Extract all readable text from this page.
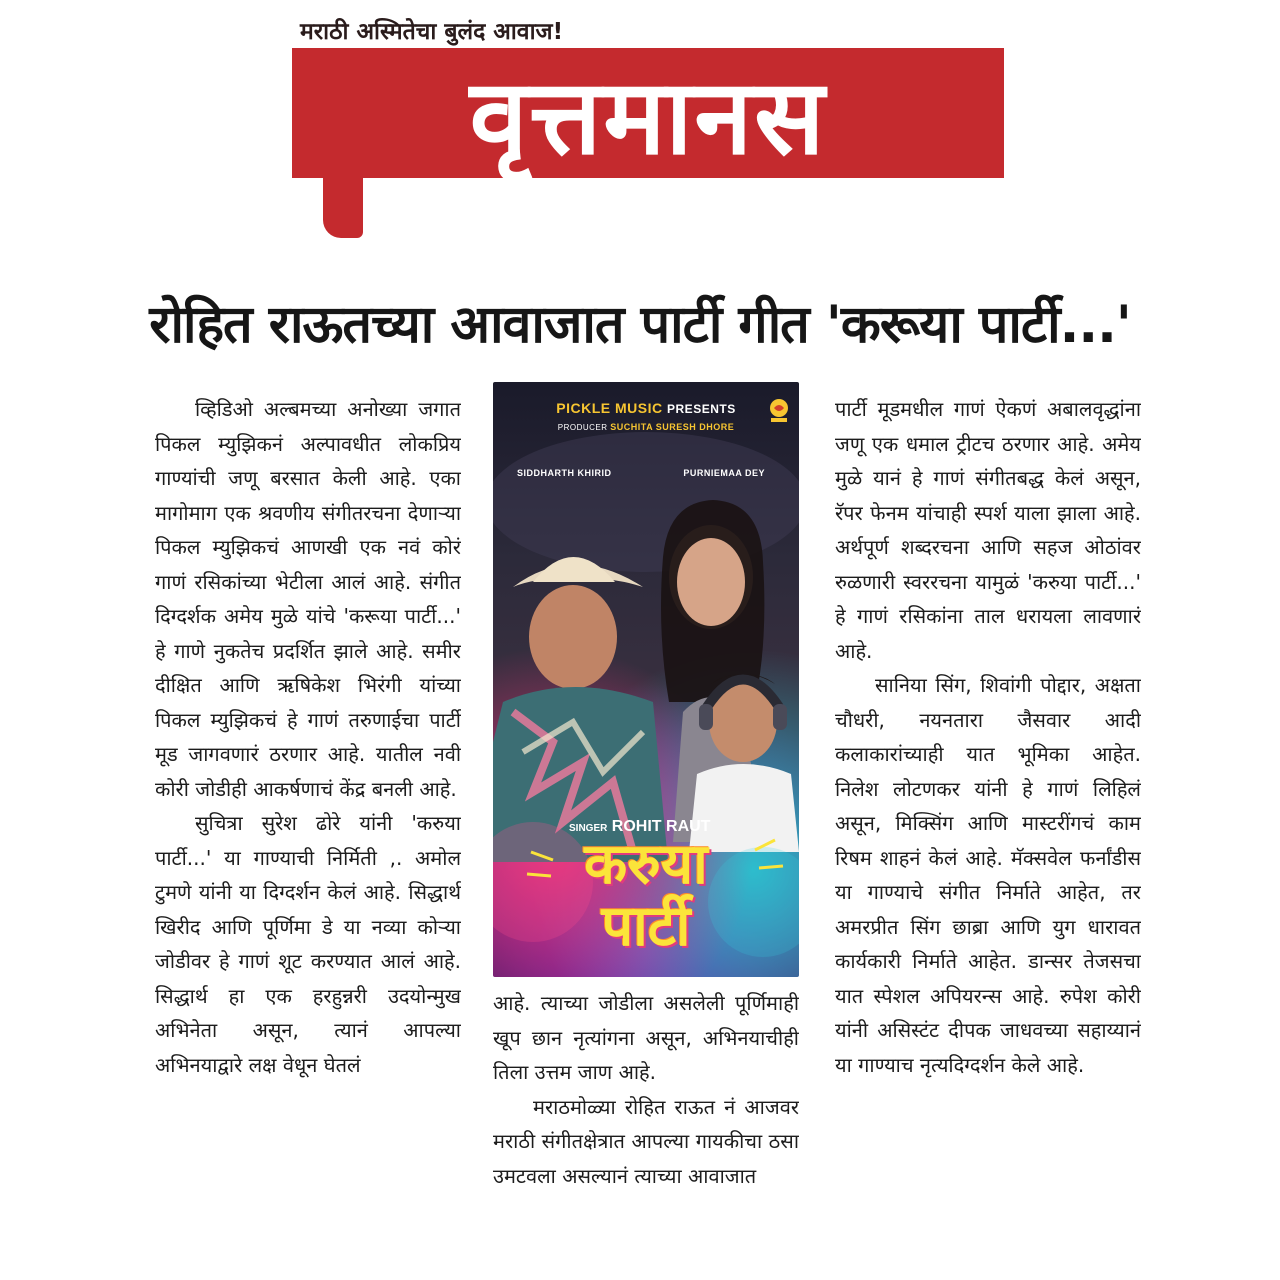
मराठी अस्मितेचा बुलंद आवाज!
वृत्तमानस
रोहित राऊतच्या आवाजात पार्टी गीत 'करूया पार्टी...'

व्हिडिओ अल्बमच्या अनोख्या जगात पिकल म्युझिकनं अल्पावधीत लोकप्रिय गाण्यांची जणू बरसात केली आहे. एका मागोमाग एक श्रवणीय संगीतरचना देणाऱ्या पिकल म्युझिकचं आणखी एक नवं कोरं गाणं रसिकांच्या भेटीला आलं आहे. संगीत दिग्दर्शक अमेय मुळे यांचे 'करूया पार्टी...' हे गाणे नुकतेच प्रदर्शित झाले आहे. समीर दीक्षित आणि ऋषिकेश भिरंगी यांच्या पिकल म्युझिकचं हे गाणं तरुणाईचा पार्टी मूड जागवणारं ठरणार आहे. यातील नवी कोरी जोडीही आकर्षणाचं केंद्र बनली आहे.

सुचित्रा सुरेश ढोरे यांनी 'करुया पार्टी...' या गाण्याची निर्मिती ,. अमोल टुमणे यांनी या दिग्दर्शन केलं आहे. सिद्धार्थ खिरीद आणि पूर्णिमा डे या नव्या कोऱ्या जोडीवर हे गाणं शूट करण्यात आलं आहे. सिद्धार्थ हा एक हरहुन्नरी उदयोन्मुख अभिनेता असून, त्यानं आपल्या अभिनयाद्वारे लक्ष वेधून घेतलं

PICKLE MUSIC PRESENTS
PRODUCER SUCHITA SURESH DHORE
SIDDHARTH KHIRID	PURNIEMAA DEY
SINGER ROHIT RAUT
करुया
पार्टी

आहे. त्याच्या जोडीला असलेली पूर्णिमाही खूप छान नृत्यांगना असून, अभिनयाचीही तिला उत्तम जाण आहे.

मराठमोळ्या रोहित राऊत नं आजवर मराठी संगीतक्षेत्रात आपल्या गायकीचा ठसा उमटवला असल्यानं त्याच्या आवाजात

पार्टी मूडमधील गाणं ऐकणं अबालवृद्धांना जणू एक धमाल ट्रीटच ठरणार आहे. अमेय मुळे यानं हे गाणं संगीतबद्ध केलं असून, रॅपर फेनम यांचाही स्पर्श याला झाला आहे. अर्थपूर्ण शब्दरचना आणि सहज ओठांवर रुळणारी स्वररचना यामुळं 'करुया पार्टी...' हे गाणं रसिकांना ताल धरायला लावणारं आहे.

सानिया सिंग, शिवांगी पोद्दार, अक्षता चौधरी, नयनतारा जैसवार आदी कलाकारांच्याही यात भूमिका आहेत. निलेश लोटणकर यांनी हे गाणं लिहिलं असून, मिक्सिंग आणि मास्टरींगचं काम रिषम शाहनं केलं आहे. मॅक्सवेल फर्नांडीस या गाण्याचे संगीत निर्माते आहेत, तर अमरप्रीत सिंग छाब्रा आणि युग धारावत कार्यकारी निर्माते आहेत. डान्सर तेजसचा यात स्पेशल अपियरन्स आहे. रुपेश कोरी यांनी असिस्टंट दीपक जाधवच्या सहाय्यानं या गाण्याच नृत्यदिग्दर्शन केले आहे.
